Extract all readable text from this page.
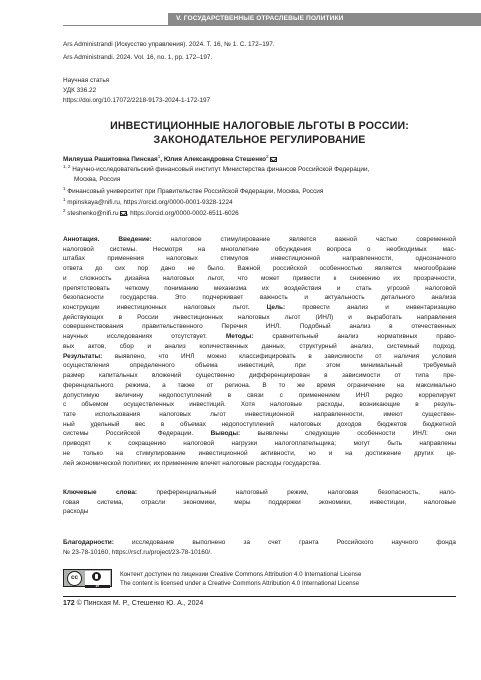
V. ГОСУДАРСТВЕННЫЕ ОТРАСЛЕВЫЕ ПОЛИТИКИ
Ars Administrandi (Искусство управления). 2024. Т. 16, № 1. С. 172–197.
Ars Administrandi. 2024. Vol. 16, no. 1, pp. 172–197.
Научная статья
УДК 336.22
https://doi.org/10.17072/2218-9173-2024-1-172-197
ИНВЕСТИЦИОННЫЕ НАЛОГОВЫЕ ЛЬГОТЫ В РОССИИ:
ЗАКОНОДАТЕЛЬНОЕ РЕГУЛИРОВАНИЕ
Миляуша Рашитовна Пинская$^1$, Юлия Александровна Стешенко$^2$
$^{1, 2}$ Научно-исследовательский финансовый институт Министерства финансов Российской Федерации,
Москва, Россия
$^1$ Финансовый университет при Правительстве Российской Федерации, Москва, Россия
$^1$ mpinskaya@nifi.ru, https://orcid.org/0000-0001-9328-1224
$^2$ steshenko@nifi.ru , https://orcid.org/0000-0002-6511-6026
Аннотация. Введение: налоговое стимулирование является важной частью современной
налоговой системы. Несмотря на многолетние обсуждения вопроса о необходимых мас-
штабах применения налоговых стимулов инвестиционной направленности, однозначного
ответа до сих пор дано не было. Важной российской особенностью является многообразие
и сложность дизайна налоговых льгот, что может привести к снижению их прозрачности,
препятствовать четкому пониманию механизма их воздействия и стать угрозой налоговой
безопасности государства. Это подчеркивает важность и актуальность детального анализа
конструкции инвестиционных налоговых льгот. Цель: провести анализ и инвентаризацию
действующих в России инвестиционных налоговых льгот (ИНЛ) и выработать направления
совершенствования правительственного Перечня ИНЛ. Подобный анализ в отечественных
научных исследованиях отсутствует. Методы: сравнительный анализ нормативных право-
вых актов, сбор и анализ количественных данных, структурный анализ, системный подход.
Результаты: выявлено, что ИНЛ можно классифицировать в зависимости от наличия условия
осуществления определенного объема инвестиций, при этом минимальный требуемый
размер капитальных вложений существенно дифференциирован в зависимости от типа пре-
ференциального режима, а также от региона. В то же время ограничение на максимально
допустимую величину недопоступлений в связи с применением ИНЛ редко коррелирует
с объемом осуществленных инвестиций. Хотя налоговые расходы, возникающие в резуль-
тате использования налоговых льгот инвестиционной направленности, имеют существен-
ный удельный вес в объемах недопоступлений налоговых доходов бюджетов бюджетной
системы Российской Федерации. Выводы: выявлены следующие особенности ИНЛ: они
приводят к сокращению налоговой нагрузки налогоплательщика; могут быть направлены
не только на стимулирование инвестиционной активности, но и на достижение других це-
лей экономической политики; их применение влечет налоговые расходы государства.
Ключевые слова: преференциальный налоговый режим, налоговая безопасность, нало-
говая система, отрасли экономики, меры поддержки экономики, инвестиции, налоговые
расходы
Благодарности: исследование выполнено за счет гранта Российского научного фонда
№ 23-78-10160, https://rscf.ru/project/23-78-10160/.
cc
BY
Контент доступен по лицензии Creative Commons Attribution 4.0 International License
The content is licensed under a Creative Commons Attribution 4.0 International License
172 © Пинская М. Р., Стешенко Ю. А., 2024
